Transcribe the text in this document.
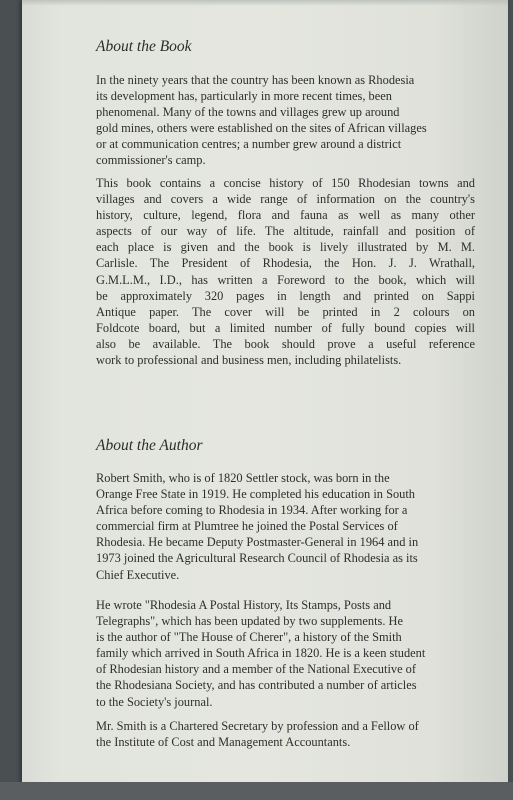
About the Book
In the ninety years that the country has been known as Rhodesia
its development has, particularly in more recent times, been
phenomenal. Many of the towns and villages grew up around
gold mines, others were established on the sites of African villages
or at communication centres; a number grew around a district
commissioner's camp.
This book contains a concise history of 150 Rhodesian towns and
villages and covers a wide range of information on the country's
history, culture, legend, flora and fauna as well as many other
aspects of our way of life. The altitude, rainfall and position of
each place is given and the book is lively illustrated by M. M.
Carlisle. The President of Rhodesia, the Hon. J. J. Wrathall,
G.M.L.M., I.D., has written a Foreword to the book, which will
be approximately 320 pages in length and printed on Sappi
Antique paper. The cover will be printed in 2 colours on
Foldcote board, but a limited number of fully bound copies will
also be available. The book should prove a useful reference
work to professional and business men, including philatelists.
About the Author
Robert Smith, who is of 1820 Settler stock, was born in the
Orange Free State in 1919. He completed his education in South
Africa before coming to Rhodesia in 1934. After working for a
commercial firm at Plumtree he joined the Postal Services of
Rhodesia. He became Deputy Postmaster-General in 1964 and in
1973 joined the Agricultural Research Council of Rhodesia as its
Chief Executive.
He wrote "Rhodesia A Postal History, Its Stamps, Posts and
Telegraphs", which has been updated by two supplements. He
is the author of "The House of Cherer", a history of the Smith
family which arrived in South Africa in 1820. He is a keen student
of Rhodesian history and a member of the National Executive of
the Rhodesiana Society, and has contributed a number of articles
to the Society's journal.
Mr. Smith is a Chartered Secretary by profession and a Fellow of
the Institute of Cost and Management Accountants.
